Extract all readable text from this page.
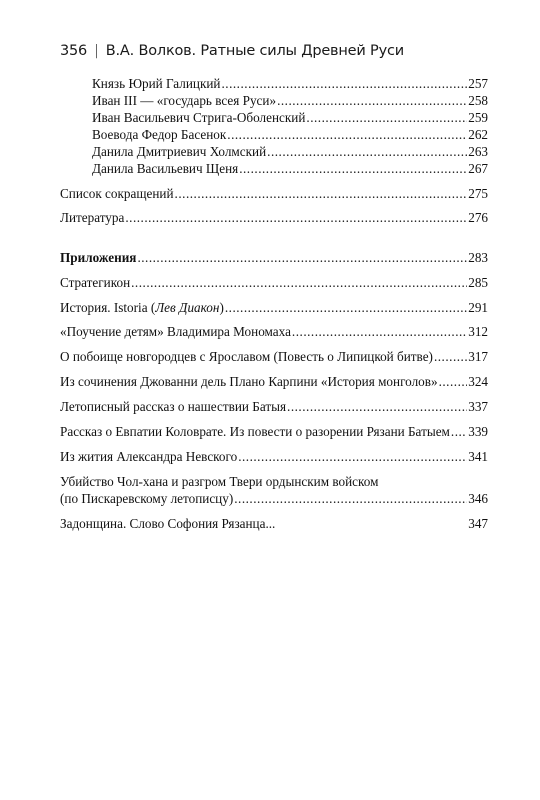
356 | В.А. Волков. Ратные силы Древней Руси
Князь Юрий Галицкий .....	257
Иван III — «государь всея Руси» .....	258
Иван Васильевич Стрига-Оболенский .....	259
Воевода Федор Басенок .....	262
Данила Дмитриевич Холмский .....	263
Данила Васильевич Щеня .....	267
Список сокращений .....	275
Литература .....	276
Приложения .....	283
Стратегикон .....	285
История. Istoria (Лев Диакон) .....	291
«Поучение детям» Владимира Мономаха .....	312
О побоище новгородцев с Ярославом (Повесть о Липицкой битве) .....	317
Из сочинения Джованни дель Плано Карпини «История монголов» ..... 324
Летописный рассказ о нашествии Батыя .....	337
Рассказ о Евпатии Коловрате. Из повести о разорении Рязани Батыем ..... 339
Из жития Александра Невского .....	341
Убийство Чол-хана и разгром Твери ордынским войском
(по Пискаревскому летописцу) .....	346
Задонщина. Слово Софония Рязанца...	347
